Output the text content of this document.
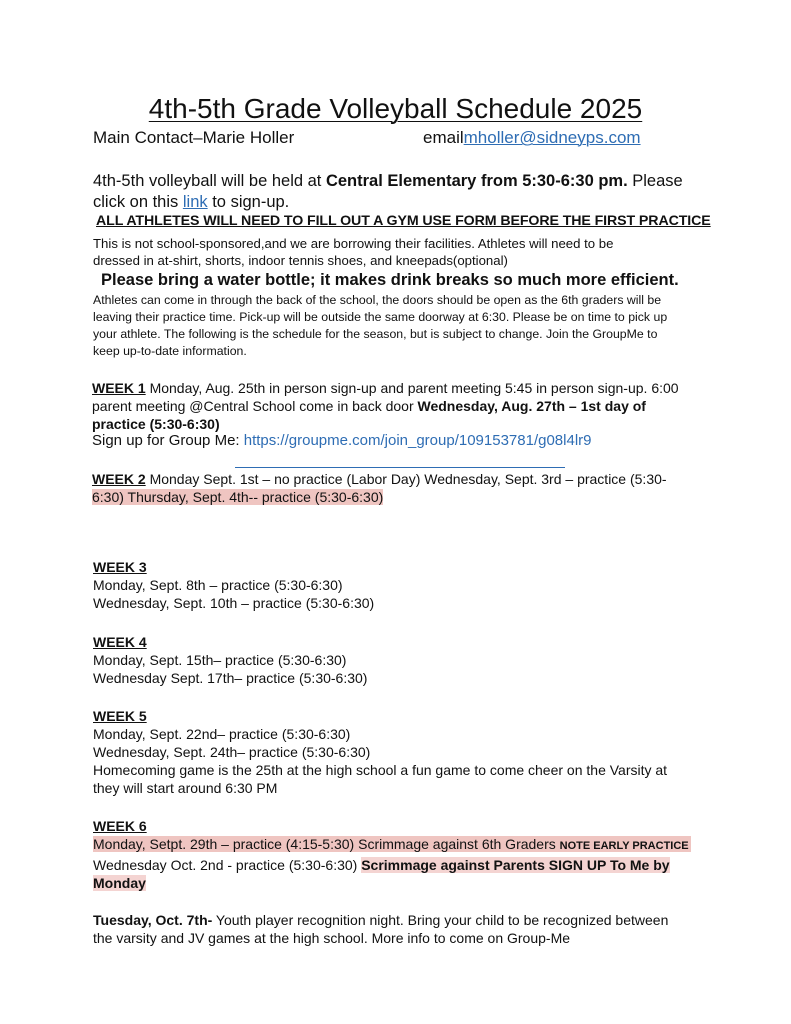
4th-5th Grade Volleyball Schedule 2025
Main Contact–Marie Holler	emailmholler@sidneyps.com
4th-5th volleyball will be held at Central Elementary from 5:30-6:30 pm. Please
click on this link to sign-up.
ALL ATHLETES WILL NEED TO FILL OUT A GYM USE FORM BEFORE THE FIRST PRACTICE
This is not school-sponsored,and we are borrowing their facilities. Athletes will need to be
dressed in at-shirt, shorts, indoor tennis shoes, and kneepads(optional)
Please bring a water bottle; it makes drink breaks so much more efficient.
Athletes can come in through the back of the school, the doors should be open as the 6th graders will be
leaving their practice time. Pick-up will be outside the same doorway at 6:30. Please be on time to pick up
your athlete. The following is the schedule for the season, but is subject to change. Join the GroupMe to
keep up-to-date information.
WEEK 1 Monday, Aug. 25th in person sign-up and parent meeting 5:45 in person sign-up. 6:00
parent meeting @Central School come in back door Wednesday, Aug. 27th – 1st day of
practice (5:30-6:30)
Sign up for Group Me: https://groupme.com/join_group/109153781/g08l4lr9
WEEK 2 Monday Sept. 1st – no practice (Labor Day) Wednesday, Sept. 3rd – practice (5:30-
6:30) Thursday, Sept. 4th-- practice (5:30-6:30)
WEEK 3
Monday, Sept. 8th – practice (5:30-6:30)
Wednesday, Sept. 10th – practice (5:30-6:30)
WEEK 4
Monday, Sept. 15th– practice (5:30-6:30)
Wednesday Sept. 17th– practice (5:30-6:30)
WEEK 5
Monday, Sept. 22nd– practice (5:30-6:30)
Wednesday, Sept. 24th– practice (5:30-6:30)
Homecoming game is the 25th at the high school a fun game to come cheer on the Varsity at
they will start around 6:30 PM
WEEK 6
Monday, Setpt. 29th – practice (4:15-5:30) Scrimmage against 6th Graders NOTE EARLY PRACTICE
Wednesday Oct. 2nd - practice (5:30-6:30) Scrimmage against Parents SIGN UP To Me by
Monday
Tuesday, Oct. 7th- Youth player recognition night. Bring your child to be recognized between
the varsity and JV games at the high school. More info to come on Group-Me
